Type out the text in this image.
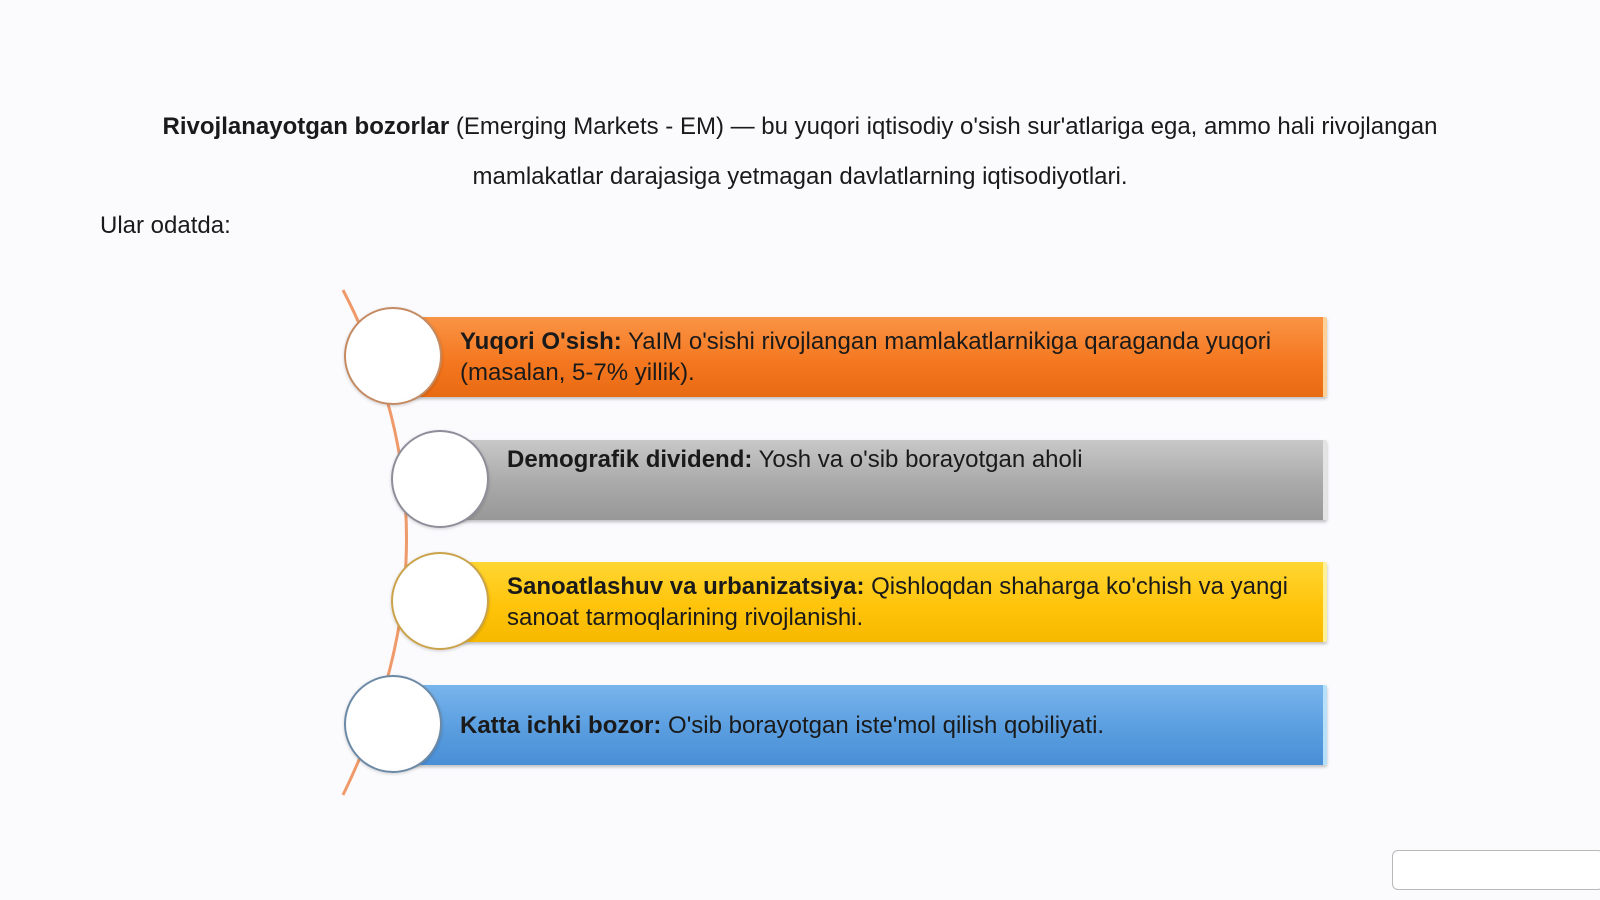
Rivojlanayotgan bozorlar (Emerging Markets - EM) — bu yuqori iqtisodiy o'sish sur'atlariga ega, ammo hali rivojlangan
mamlakatlar darajasiga yetmagan davlatlarning iqtisodiyotlari.
Ular odatda:
Yuqori O'sish: YaIM o'sishi rivojlangan mamlakatlarnikiga qaraganda yuqori (masalan, 5-7% yillik).
Demografik dividend: Yosh va o'sib borayotgan aholi
Sanoatlashuv va urbanizatsiya: Qishloqdan shaharga ko'chish va yangi sanoat tarmoqlarining rivojlanishi.
Katta ichki bozor: O'sib borayotgan iste'mol qilish qobiliyati.
